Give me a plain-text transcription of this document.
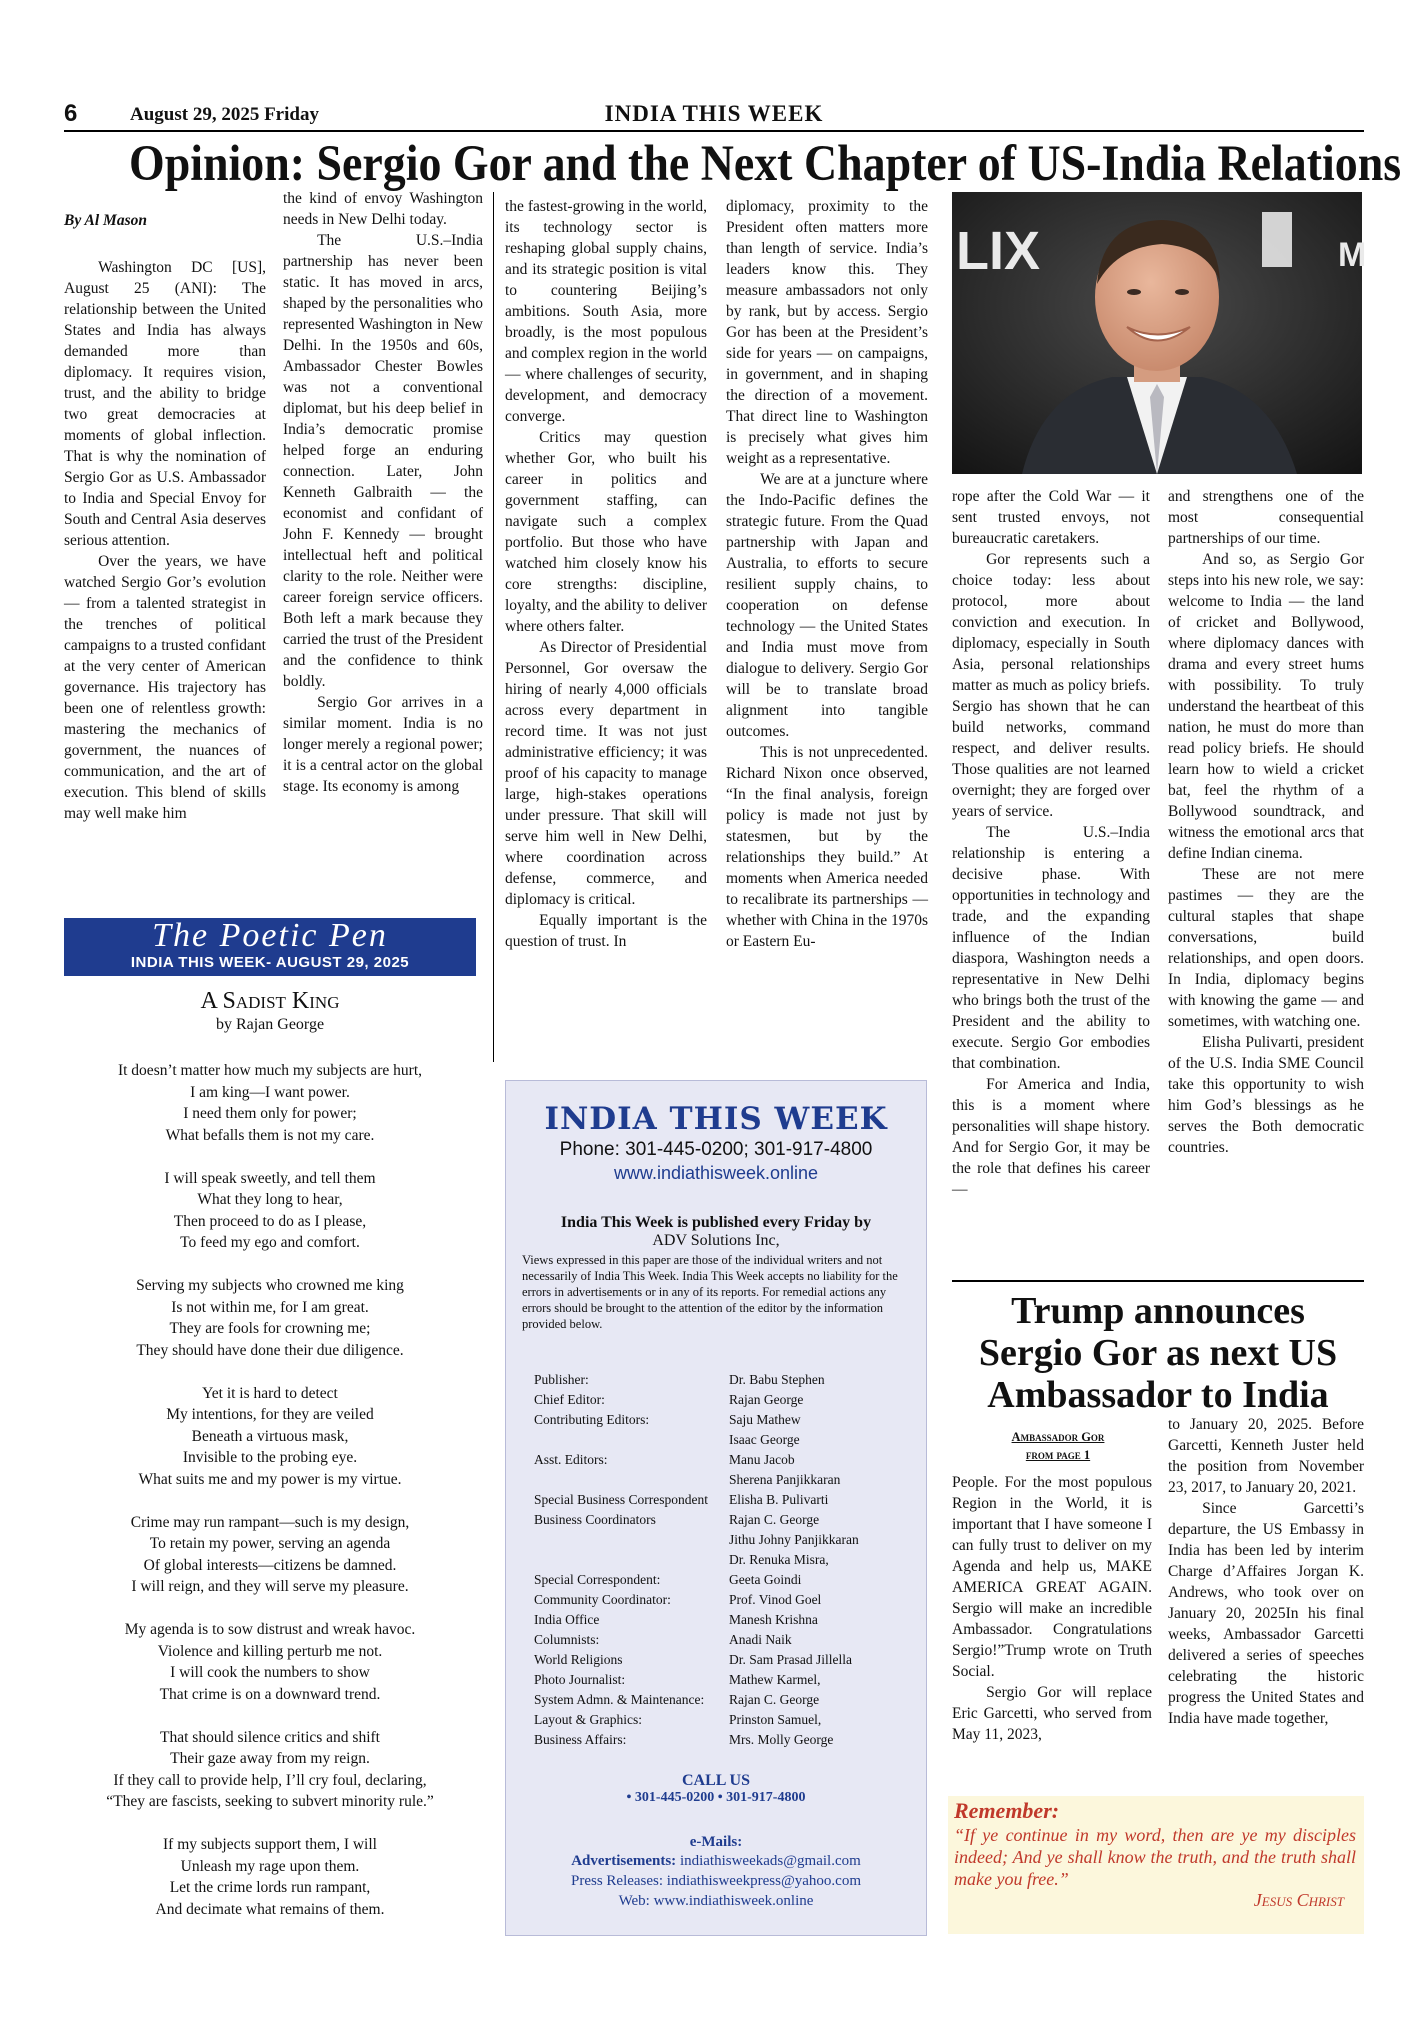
6	August 29, 2025 Friday	INDIA THIS WEEK
Opinion: Sergio Gor and the Next Chapter of US-India Relations

By Al Mason

Washington DC [US], August 25 (ANI): The relationship between the United States and India has always demanded more than diplomacy. It requires vision, trust, and the ability to bridge two great democracies at moments of global inflection. That is why the nomination of Sergio Gor as U.S. Ambassador to India and Special Envoy for South and Central Asia deserves serious attention.

Over the years, we have watched Sergio Gor’s evolution — from a talented strategist in the trenches of political campaigns to a trusted confidant at the very center of American governance. His trajectory has been one of relentless growth: mastering the mechanics of government, the nuances of communication, and the art of execution. This blend of skills may well make him

the kind of envoy Washington needs in New Delhi today.

The U.S.–India partnership has never been static. It has moved in arcs, shaped by the personalities who represented Washington in New Delhi. In the 1950s and 60s, Ambassador Chester Bowles was not a conventional diplomat, but his deep belief in India’s democratic promise helped forge an enduring connection. Later, John Kenneth Galbraith — the economist and confidant of John F. Kennedy — brought intellectual heft and political clarity to the role. Neither were career foreign service officers. Both left a mark because they carried the trust of the President and the confidence to think boldly.

Sergio Gor arrives in a similar moment. India is no longer merely a regional power; it is a central actor on the global stage. Its economy is among

the fastest-growing in the world, its technology sector is reshaping global supply chains, and its strategic position is vital to countering Beijing’s ambitions. South Asia, more broadly, is the most populous and complex region in the world — where challenges of security, development, and democracy converge.

Critics may question whether Gor, who built his career in politics and government staffing, can navigate such a complex portfolio. But those who have watched him closely know his core strengths: discipline, loyalty, and the ability to deliver where others falter.

As Director of Presidential Personnel, Gor oversaw the hiring of nearly 4,000 officials across every department in record time. It was not just administrative efficiency; it was proof of his capacity to manage large, high-stakes operations under pressure. That skill will serve him well in New Delhi, where coordination across defense, commerce, and diplomacy is critical.

Equally important is the question of trust. In

diplomacy, proximity to the President often matters more than length of service. India’s leaders know this. They measure ambassadors not only by rank, but by access. Sergio Gor has been at the President’s side for years — on campaigns, in government, and in shaping the direction of a movement. That direct line to Washington is precisely what gives him weight as a representative.

We are at a juncture where the Indo-Pacific defines the strategic future. From the Quad partnership with Japan and Australia, to efforts to secure resilient supply chains, to cooperation on defense technology — the United States and India must move from dialogue to delivery. Sergio Gor will be to translate broad alignment into tangible outcomes.

This is not unprecedented. Richard Nixon once observed, “In the final analysis, foreign policy is made not just by statesmen, but by the relationships they build.” At moments when America needed to recalibrate its partnerships — whether with China in the 1970s or Eastern Eu-

LIX	M

rope after the Cold War — it sent trusted envoys, not bureaucratic caretakers.

Gor represents such a choice today: less about protocol, more about conviction and execution. In diplomacy, especially in South Asia, personal relationships matter as much as policy briefs. Sergio has shown that he can build networks, command respect, and deliver results. Those qualities are not learned overnight; they are forged over years of service.

The U.S.–India relationship is entering a decisive phase. With opportunities in technology and trade, and the expanding influence of the Indian diaspora, Washington needs a representative in New Delhi who brings both the trust of the President and the ability to execute. Sergio Gor embodies that combination.

For America and India, this is a moment where personalities will shape history. And for Sergio Gor, it may be the role that defines his career —

and strengthens one of the most consequential partnerships of our time.

And so, as Sergio Gor steps into his new role, we say: welcome to India — the land of cricket and Bollywood, where diplomacy dances with drama and every street hums with possibility. To truly understand the heartbeat of this nation, he must do more than read policy briefs. He should learn how to wield a cricket bat, feel the rhythm of a Bollywood soundtrack, and witness the emotional arcs that define Indian cinema.

These are not mere pastimes — they are the cultural staples that shape conversations, build relationships, and open doors. In India, diplomacy begins with knowing the game — and sometimes, with watching one.

Elisha Pulivarti, president of the U.S. India SME Council take this opportunity to wish him God’s blessings as he serves the Both democratic countries.

The Poetic Pen
INDIA THIS WEEK- AUGUST 29, 2025
A Sadist King
by Rajan George
It doesn’t matter how much my subjects are hurt,
I am king—I want power.
I need them only for power;
What befalls them is not my care.
I will speak sweetly, and tell them
What they long to hear,
Then proceed to do as I please,
To feed my ego and comfort.
Serving my subjects who crowned me king
Is not within me, for I am great.
They are fools for crowning me;
They should have done their due diligence.
Yet it is hard to detect
My intentions, for they are veiled
Beneath a virtuous mask,
Invisible to the probing eye.
What suits me and my power is my virtue.
Crime may run rampant—such is my design,
To retain my power, serving an agenda
Of global interests—citizens be damned.
I will reign, and they will serve my pleasure.
My agenda is to sow distrust and wreak havoc.
Violence and killing perturb me not.
I will cook the numbers to show
That crime is on a downward trend.
That should silence critics and shift
Their gaze away from my reign.
If they call to provide help, I’ll cry foul, declaring,
“They are fascists, seeking to subvert minority rule.”
If my subjects support them, I will
Unleash my rage upon them.
Let the crime lords run rampant,
And decimate what remains of them.
INDIA THIS WEEK
Phone: 301-445-0200; 301-917-4800
www.indiathisweek.online
India This Week is published every Friday by
ADV Solutions Inc,
Views expressed in this paper are those of the individual writers and not necessarily of India This Week. India This Week accepts no liability for the errors in advertisements or in any of its reports. For remedial actions any errors should be brought to the attention of the editor by the information provided below.
Publisher:	Dr. Babu Stephen
Chief Editor:	Rajan George
Contributing Editors:	Saju Mathew
Isaac George
Asst. Editors:	Manu Jacob
Sherena Panjikkaran
Special Business Correspondent	Elisha B. Pulivarti
Business Coordinators	Rajan C. George
Jithu Johny Panjikkaran
Dr. Renuka Misra,
Special Correspondent:	Geeta Goindi
Community Coordinator:	Prof. Vinod Goel
India Office	Manesh Krishna
Columnists:	Anadi Naik
World Religions	Dr. Sam Prasad Jillella
Photo Journalist:	Mathew Karmel,
System Admn. & Maintenance:	Rajan C. George
Layout & Graphics:	Prinston Samuel,
Business Affairs:	Mrs. Molly George
CALL US
• 301-445-0200 • 301-917-4800
e-Mails:
Advertisements: indiathisweekads@gmail.com
Press Releases: indiathisweekpress@yahoo.com
Web: www.indiathisweek.online
Trump announces Sergio Gor as next US Ambassador to India
Ambassador Gor
from page 1

People. For the most populous Region in the World, it is important that I have someone I can fully trust to deliver on my Agenda and help us, MAKE AMERICA GREAT AGAIN. Sergio will make an incredible Ambassador. Congratulations Sergio!”Trump wrote on Truth Social.

Sergio Gor will replace Eric Garcetti, who served from May 11, 2023,

to January 20, 2025. Before Garcetti, Kenneth Juster held the position from November 23, 2017, to January 20, 2021.

Since Garcetti’s departure, the US Embassy in India has been led by interim Charge d’Affaires Jorgan K. Andrews, who took over on January 20, 2025In his final weeks, Ambassador Garcetti delivered a series of speeches celebrating the historic progress the United States and India have made together,

Remember:
“If ye continue in my word, then are ye my disciples indeed; And ye shall know the truth, and the truth shall make you free.”
Jesus Christ
